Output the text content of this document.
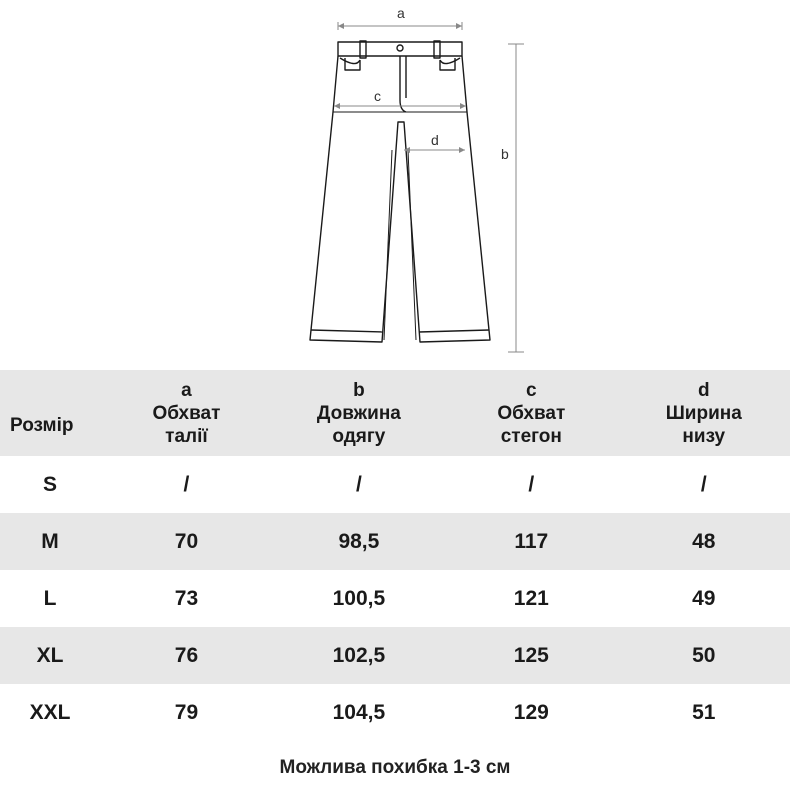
a
c
d
b
Розмір	a
Обхват
талії	b
Довжина
одягу	c
Обхват
стегон	d
Ширина
низу

S	/	/	/	/
M	70	98,5	117	48
L	73	100,5	121	49
XL	76	102,5	125	50
XXL	79	104,5	129	51
Можлива похибка 1-3 см
